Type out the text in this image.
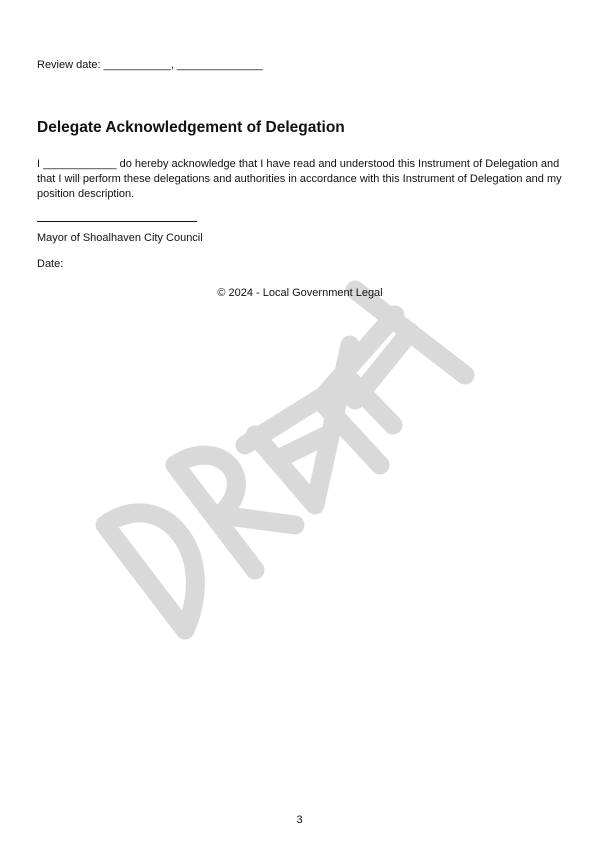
Review date: ___________, ______________
Delegate Acknowledgement of Delegation

I ____________ do hereby acknowledge that I have read and understood this Instrument of Delegation and that I will perform these delegations and authorities in accordance with this Instrument of Delegation and my position description.

Mayor of Shoalhaven City Council
Date:
© 2024 - Local Government Legal
3
